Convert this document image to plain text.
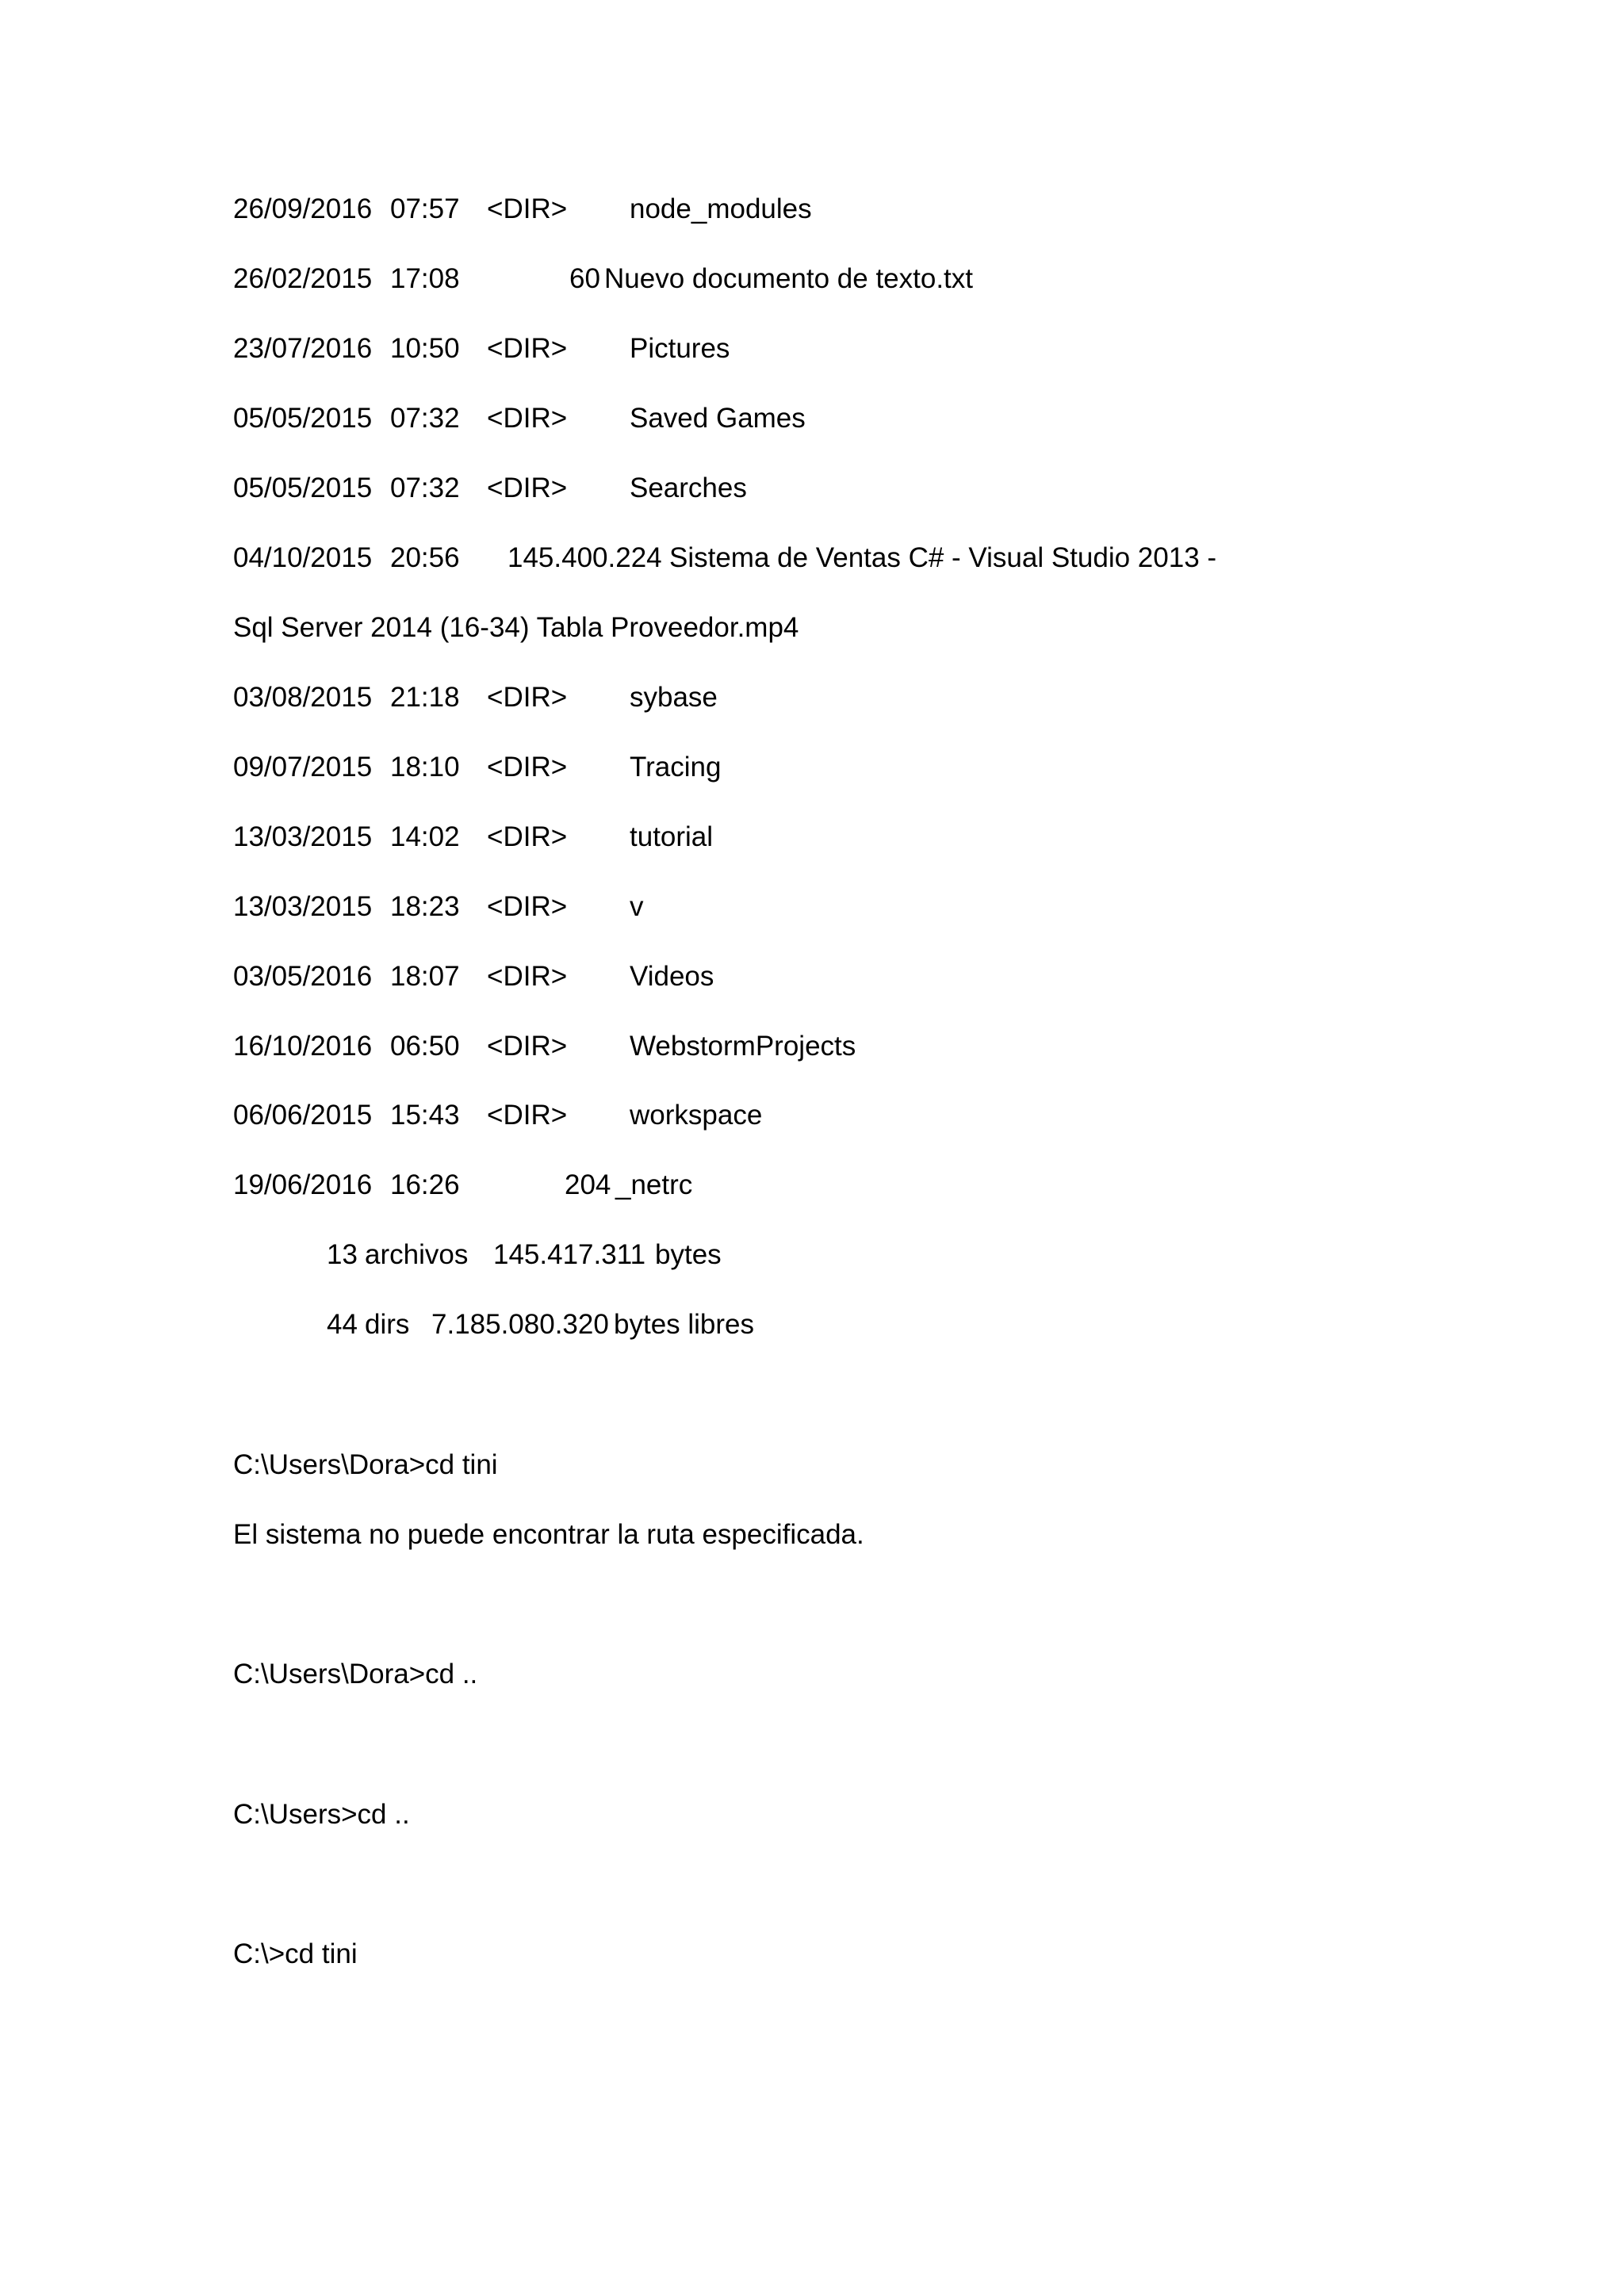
26/09/2016 07:57 <DIR> node_modules
26/02/2015 17:08	60 Nuevo documento de texto.txt
23/07/2016 10:50 <DIR> Pictures
05/05/2015 07:32 <DIR> Saved Games
05/05/2015 07:32 <DIR> Searches
04/10/2015 20:56 145.400.224 Sistema de Ventas C# - Visual Studio 2013 -
Sql Server 2014 (16-34) Tabla Proveedor.mp4
03/08/2015 21:18 <DIR> sybase
09/07/2015 18:10 <DIR> Tracing
13/03/2015 14:02 <DIR> tutorial
13/03/2015 18:23 <DIR> v
03/05/2016 18:07 <DIR> Videos
16/10/2016 06:50 <DIR> WebstormProjects
06/06/2015 15:43 <DIR> workspace
19/06/2016 16:26	204 _netrc
13 archivos 145.417.311 bytes
44 dirs 7.185.080.320 bytes libres
C:\Users\Dora>cd tini
El sistema no puede encontrar la ruta especificada.
C:\Users\Dora>cd ..
C:\Users>cd ..
C:\>cd tini
